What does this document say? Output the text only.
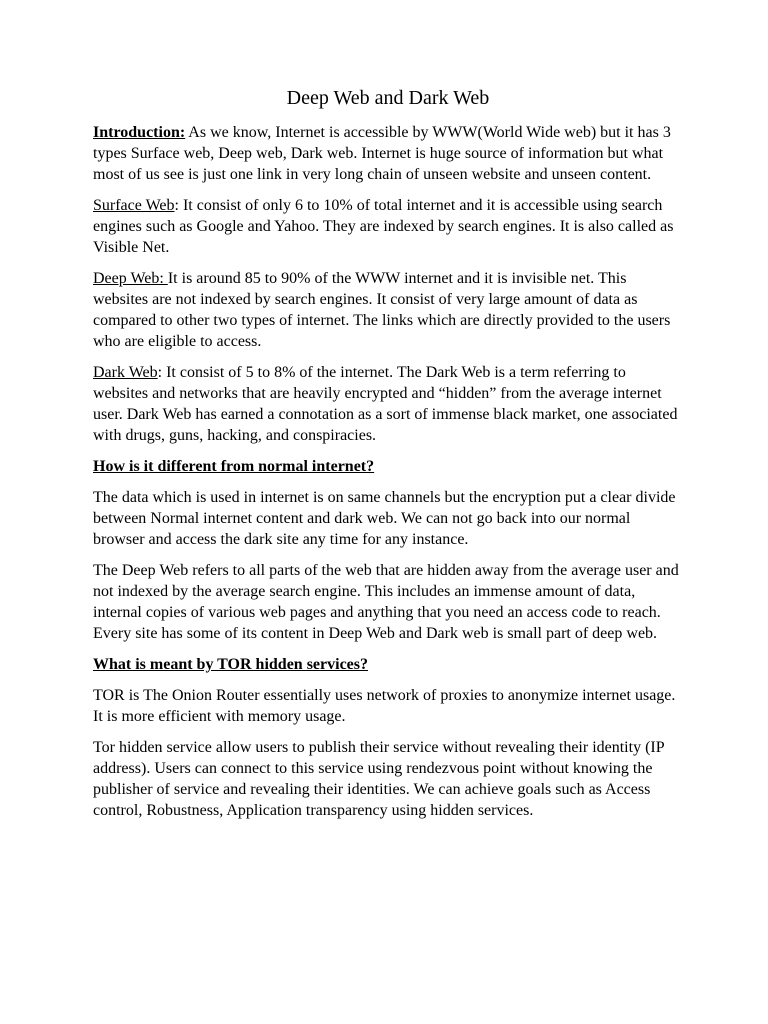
Deep Web and Dark Web

Introduction: As we know, Internet is accessible by WWW(World Wide web) but it has 3 types Surface web, Deep web, Dark web. Internet is huge source of information but what most of us see is just one link in very long chain of unseen website and unseen content.

Surface Web: It consist of only 6 to 10% of total internet and it is accessible using search engines such as Google and Yahoo. They are indexed by search engines. It is also called as Visible Net.

Deep Web: It is around 85 to 90% of the WWW internet and it is invisible net. This websites are not indexed by search engines. It consist of very large amount of data as compared to other two types of internet. The links which are directly provided to the users who are eligible to access.

Dark Web: It consist of 5 to 8% of the internet. The Dark Web is a term referring to websites and networks that are heavily encrypted and “hidden” from the average internet user. Dark Web has earned a connotation as a sort of immense black market, one associated with drugs, guns, hacking, and conspiracies.

How is it different from normal internet?

The data which is used in internet is on same channels but the encryption put a clear divide between Normal internet content and dark web. We can not go back into our normal browser and access the dark site any time for any instance.

The Deep Web refers to all parts of the web that are hidden away from the average user and not indexed by the average search engine. This includes an immense amount of data, internal copies of various web pages and anything that you need an access code to reach. Every site has some of its content in Deep Web and Dark web is small part of deep web.

What is meant by TOR hidden services?

TOR is The Onion Router essentially uses network of proxies to anonymize internet usage. It is more efficient with memory usage.

Tor hidden service allow users to publish their service without revealing their identity (IP address). Users can connect to this service using rendezvous point without knowing the publisher of service and revealing their identities. We can achieve goals such as Access control, Robustness, Application transparency using hidden services.
